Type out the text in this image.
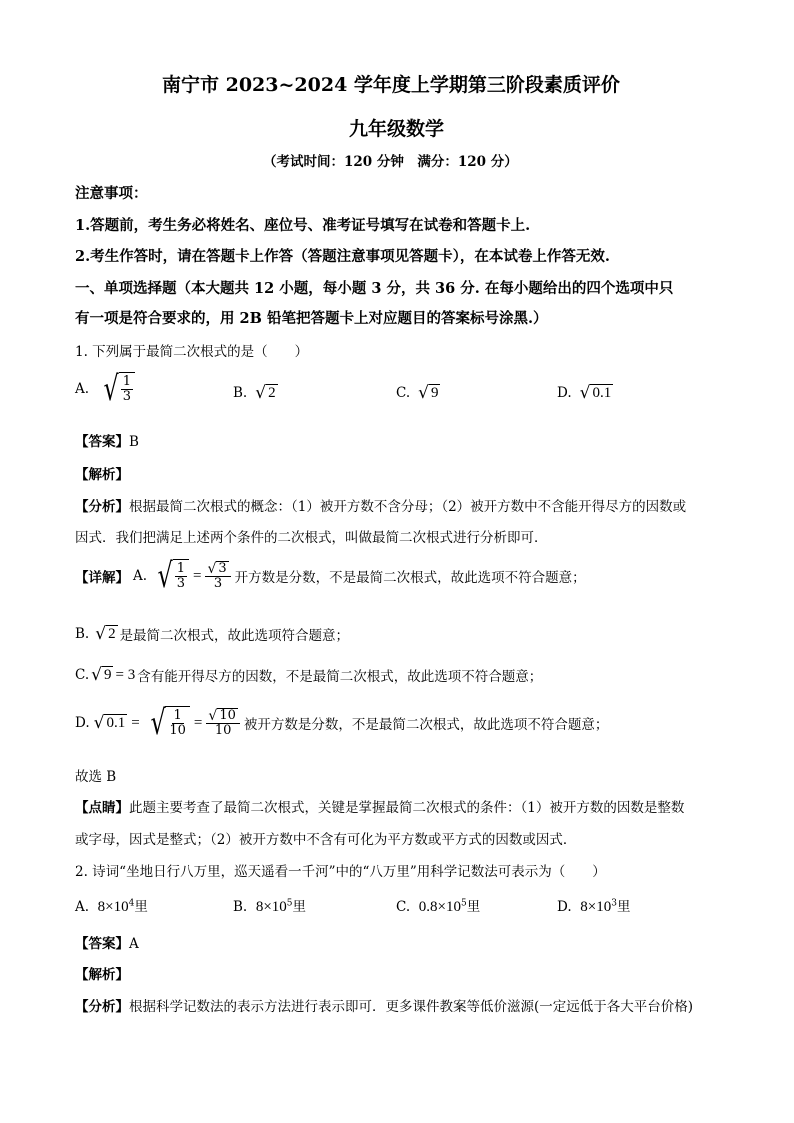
南宁市 2023~2024 学年度上学期第三阶段素质评价
九年级数学
（考试时间：120 分钟　满分：120 分）
注意事项：
1.答题前，考生务必将姓名、座位号、准考证号填写在试卷和答题卡上.
2.考生作答时，请在答题卡上作答（答题注意事项见答题卡），在本试卷上作答无效.
一、单项选择题（本大题共 12 小题，每小题 3 分，共 36 分. 在每小题给出的四个选项中只
有一项是符合要求的，用 2B 铅笔把答题卡上对应题目的答案标号涂黑.）
1. 下列属于最简二次根式的是（　　）
A. √ $\frac{1}{3}$	B. √ 2	C. √ 9	D. √ 0.1
【答案】B
【解析】
【分析】根据最简二次根式的概念：（1）被开方数不含分母；（2）被开方数中不含能开得尽方的因数或
因式．我们把满足上述两个条件的二次根式，叫做最简二次根式进行分析即可．
【详解】 A. √ $\frac{1}{3} = \frac{√ 3}{3}$ 开方数是分数，不是最简二次根式，故此选项不符合题意；
B. √ 2 是最简二次根式，故此选项符合题意；
C. √ 9 = 3 含有能开得尽方的因数，不是最简二次根式，故此选项不符合题意；
D. √ 0.1 = √ $\frac{1}{10} = \frac{√ 10}{10}$ 被开方数是分数，不是最简二次根式，故此选项不符合题意；
故选 B
【点睛】此题主要考查了最简二次根式，关键是掌握最简二次根式的条件：（1）被开方数的因数是整数
或字母，因式是整式；（2）被开方数中不含有可化为平方数或平方式的因数或因式．
2. 诗词“坐地日行八万里，巡天遥看一千河”中的“八万里”用科学记数法可表示为（　　）
A. $8\times 10^4$里	B. $8\times 10^5$里	C. $0.8\times 10^5$里	D. $8\times 10^3$里
【答案】A
【解析】
【分析】根据科学记数法的表示方法进行表示即可．更多课件教案等低价滋源(一定远低于各大平台价格)
